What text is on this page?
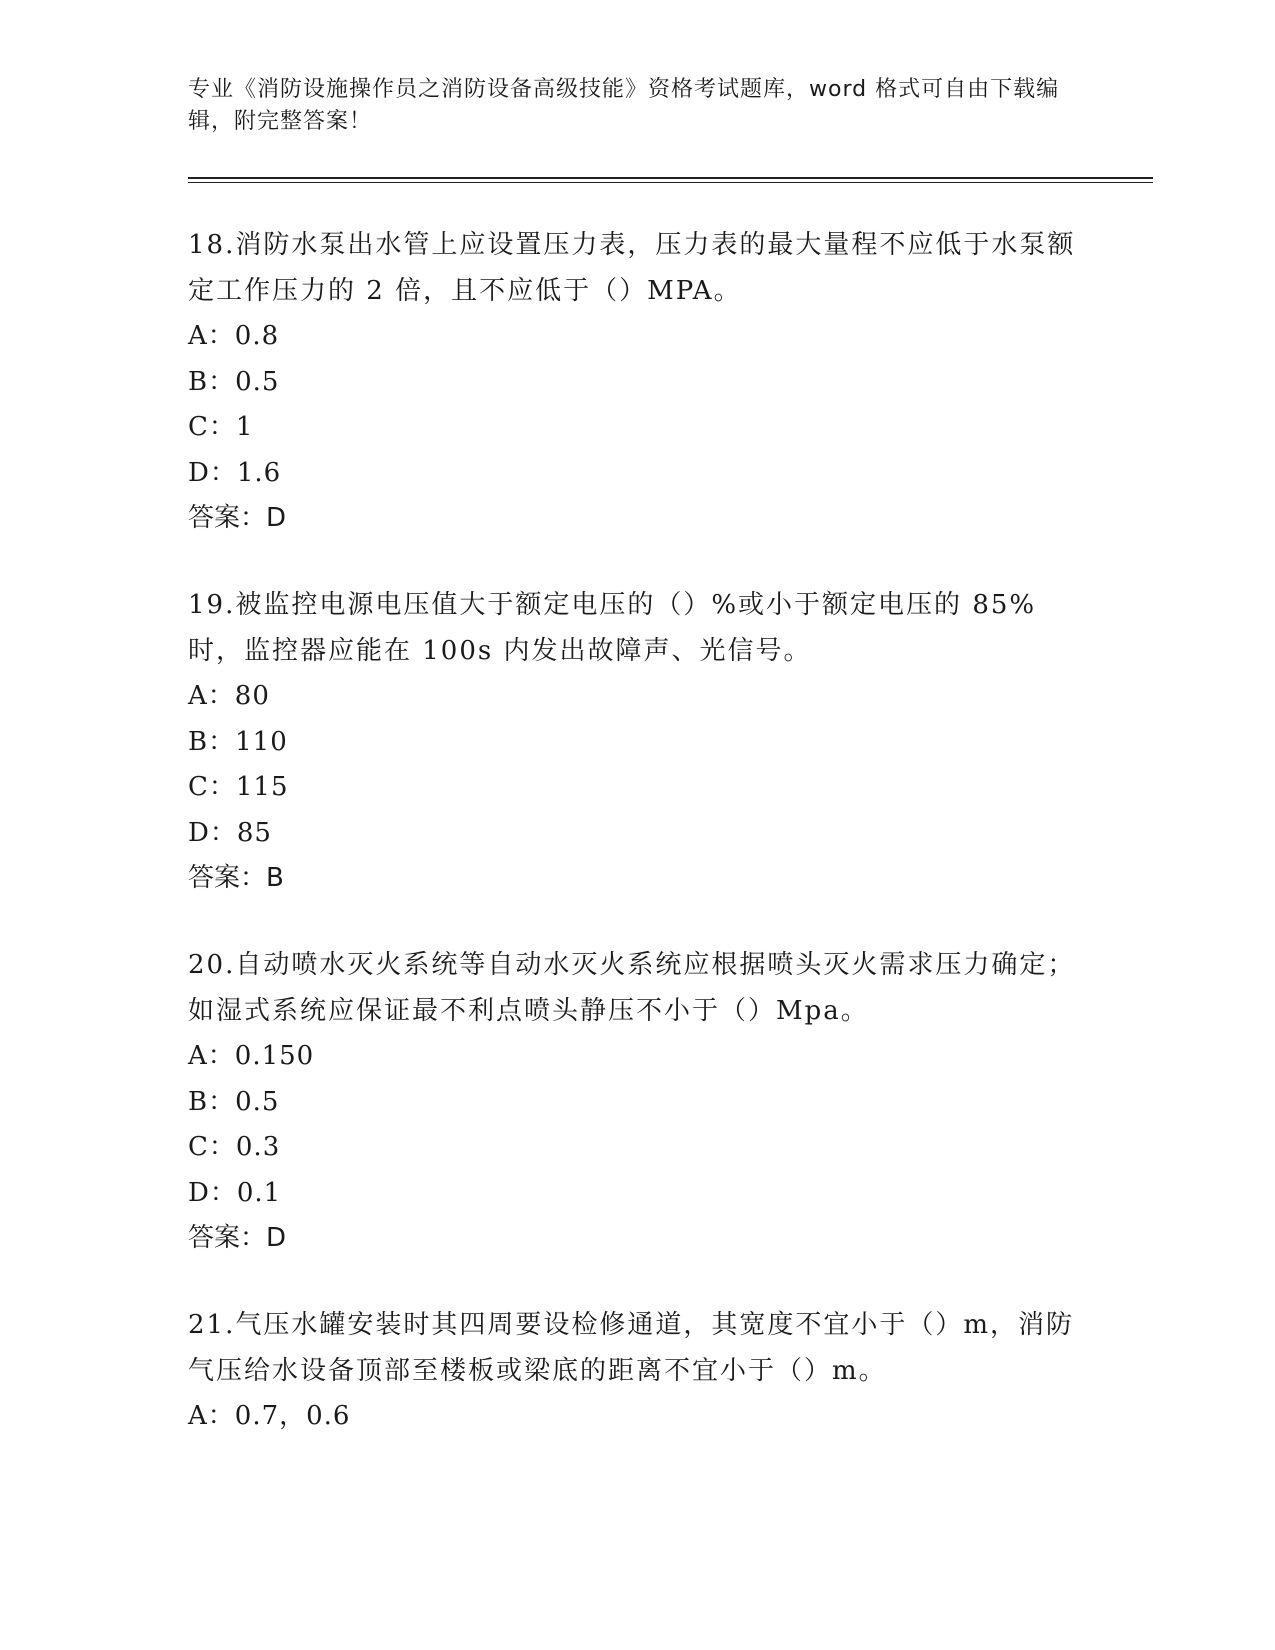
专业《消防设施操作员之消防设备高级技能》资格考试题库，word 格式可自由下载编辑，附完整答案！

18.消防水泵出水管上应设置压力表，压力表的最大量程不应低于水泵额定工作压力的 2 倍，且不应低于（）MPA。

A：0.8

B：0.5

C：1

D：1.6

答案：D

19.被监控电源电压值大于额定电压的（）%或小于额定电压的 85%时，监控器应能在 100s 内发出故障声、光信号。

A：80

B：110

C：115

D：85

答案：B

20.自动喷水灭火系统等自动水灭火系统应根据喷头灭火需求压力确定；如湿式系统应保证最不利点喷头静压不小于（）Mpa。

A：0.150

B：0.5

C：0.3

D：0.1

答案：D

21.气压水罐安装时其四周要设检修通道，其宽度不宜小于（）m，消防气压给水设备顶部至楼板或梁底的距离不宜小于（）m。

A：0.7，0.6
